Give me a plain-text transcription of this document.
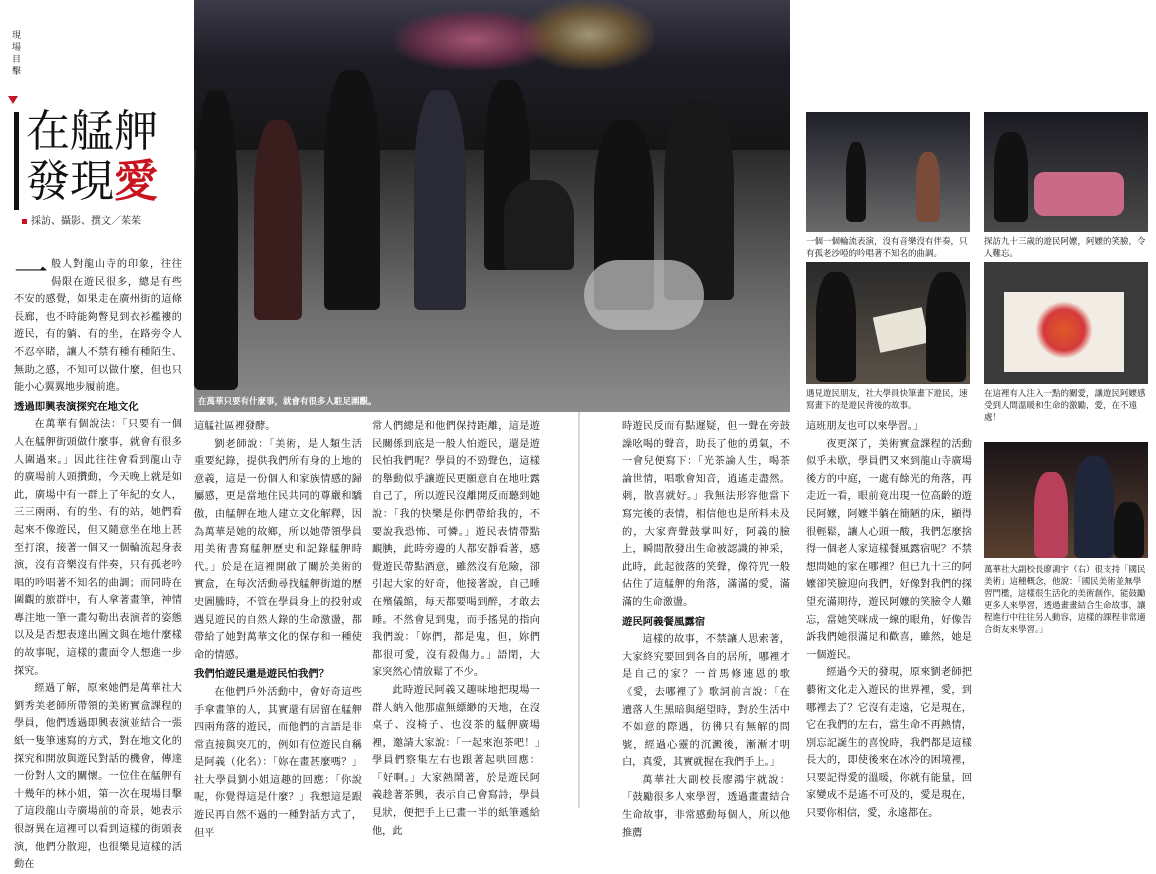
現場目擊
在艋舺
發現愛
採訪、攝影、撰文／茱茱

一般人對龍山寺的印象，往往侷限在遊民很多，總是有些不安的感覺，如果走在廣州街的這條長廊，也不時能夠瞥見到衣衫襤褸的遊民，有的躺、有的坐，在路旁令人不忍卒睹，讓人不禁有種有種陌生、無助之感，不知可以做什麼，但也只能小心翼翼地步履前進。

透過即興表演探究在地文化

在萬華有個說法：「只要有一個人在艋舺街頭做什麼事，就會有很多人圍過來。」因此往往會看到龍山寺的廣場前人頭攢動，今天晚上就是如此，廣場中有一群上了年紀的女人，三三兩兩、有的坐、有的站，她們看起來不像遊民，但又隨意坐在地上甚至打滾，接著一個又一個輪流起身表演，沒有音樂沒有伴奏，只有孤老吟唱的吟唱著不知名的曲調；而同時在圍觀的旅群中，有人拿著畫筆，神情專注地一筆一畫勾勒出表演者的姿態以及是否想表達出圖文與在地什麼樣的故事呢，這樣的畫面令人想進一步探究。

經過了解，原來她們是萬華社大劉秀美老師所帶領的美術實盒課程的學員，他們透過即興表演並結合一張紙一隻筆速寫的方式，對在地文化的探究和開放與遊民對話的機會，傳達一份對人文的關懷。一位住在艋舺有十幾年的林小姐，第一次在現場目擊了這段龍山寺廣場前的奇景，她表示很訝異在這裡可以看到這樣的街頭表演，他們分散迎，也很樂見這樣的活動在

在萬華只要有什麼事，就會有很多人駐足圍觀。

這艋社區裡發酵。

劉老師說：「美術，是人類生活重要紀錄，提供我們所有身的上地的意義，這是一份個人和家族情感的歸屬感，更是當地住民共同的尊嚴和驕傲，由艋舺在地人建立文化解釋，因為萬華是她的故鄉，所以她帶領學員用美術書寫艋舺歷史和記錄艋舺時代。」於是在這裡開啟了關於美術的實盒，在每次活動尋找艋舺街道的歷史圖騰時，不管在學員身上的投射或遇見遊民的自然人錄的生命激盪，都帶給了她對萬華文化的保存和一種使命的情感。

我們怕遊民還是遊民怕我們？

在他們戶外活動中，會好奇這些手拿畫筆的人，其實還有居留在艋舺四兩角落的遊民，而他們的言語是非常直接與突兀的，例如有位遊民自稱是阿義（化名）：「妳在畫甚麼嗎？」社大學員劉小姐這趣的回應：「你說呢，你覺得這是什麼？」我想這是跟遊民再自然不過的一種對話方式了，但平

常人們總是和他們保持距離，這是遊民關係到底是一般人怕遊民，還是遊民怕我們呢？學員的不勁聲色，這樣的舉動似乎讓遊民更願意自在地吐露自己了，所以遊民沒離開反而聽到她說：「我的快樂是你們帶給我的，不要說我恐怖、可憐。」遊民表情帶點靦腆，此時旁邊的人都安靜看著，感覺遊民帶點酒意，雖然沒有危險，卻引起大家的好奇，他接著說，自己睡在殯儀館，每天都要喝到醉，才敢去睡。不然會見到鬼，而手搖晃的指向我們說：「妳們，都是鬼，但，妳們都很可愛，沒有殺傷力。」語閉，大家突然心情放鬆了不少。

此時遊民阿義又趣味地把現場一群人納入他那虛無縹緲的天地，在沒桌子、沒椅子、也沒茶的艋舺廣場裡，邀請大家說：「一起來泡茶吧！」學員們察集左右也跟著起哄回應：「好啊。」大家熱鬧著，於是遊民阿義趁著茶興，表示自己會寫詩，學員見狀，便把手上已畫一半的紙筆遞給他，此

時遊民反而有點遲疑，但一聲在旁鼓譟吆喝的聲音，助長了他的勇氣，不一會兒便寫下：「光茶論人生，喝茶論世情，唱歌會知音，逍遙走盡然。刺，散喜就好。」我無法形容他當下寫完後的表情，相信他也是所料未及的，大家齊聲鼓掌叫好，阿義的臉上，瞬間散發出生命被認識的神采，此時，此起彼落的笑聲，像符咒一般佔住了這艋舺的角落，滿滿的愛，滿滿的生命激盪。

遊民阿義餐風露宿

這樣的故事，不禁讓人思索著，大家終究要回到各自的居所，哪裡才是自己的家？一首馬修連恩的歌《愛，去哪裡了》歌詞前言說：「在遺落人生黑暗與絕望時，對於生活中不如意的際遇，彷彿只有無解的問號，經過心靈的沉澱後，漸漸才明白，真愛，其實就握在我們手上。」

萬華社大副校長廖鴻宇就說：「鼓勵很多人來學習，透過畫畫結合生命故事，非常感動每個人，所以他推薦

一個一個輪流表演，沒有音樂沒有伴奏，只有孤老沙啞的吟唱著不知名的曲調。
探訪九十三歲的遊民阿嬤，阿嬤的笑臉，令人難忘。
遇見遊民朋友，社大學員快筆畫下遊民，速寫畫下的是遊民背後的故事。
在這裡有人注入一點的關愛，讓遊民阿嬤感受到人間溫暖和生命的激勵，愛，在不遠處！

這班朋友也可以來學習。」

夜更深了，美術實盒課程的活動似乎未歇，學員們又來到龍山寺廣場後方的中庭，一處有餘光的角落，再走近一看，眼前竟出現一位高齡的遊民阿嬤，阿嬤半躺在簡陋的床，顯得很輕鬆，讓人心頭一酸，我們怎麼捨得一個老人家這樣餐風露宿呢？不禁想問她的家在哪裡？但已九十三的阿嬤卻笑臉迎向我們，好像對我們的探望充滿期待，遊民阿嬤的笑臉令人難忘，當她笑咪成一線的眼角，好像告訴我們她很滿足和歡喜，雖然，她是一個遊民。

經過今天的發現，原來劉老師把藝術文化走入遊民的世界裡，愛，到哪裡去了？它沒有走遠，它是現在，它在我們的左右，當生命不再熱情，別忘記誕生的喜悅時，我們都是這樣長大的，即使後來在冰冷的困境裡，只要記得愛的溫暖，你就有能量，回家變成不是遙不可及的，愛是現在，只要你相信，愛，永遠都在。

萬華社大副校長廖鴻宇（右）很支持「國民美術」這種概念，他說：「國民美術並無學習門檻，這樣很生活化的美術創作，能鼓勵更多人來學習，透過畫畫結合生命故事，讓程進行中往往另人動容，這樣的課程非常適合街友來學習。」
